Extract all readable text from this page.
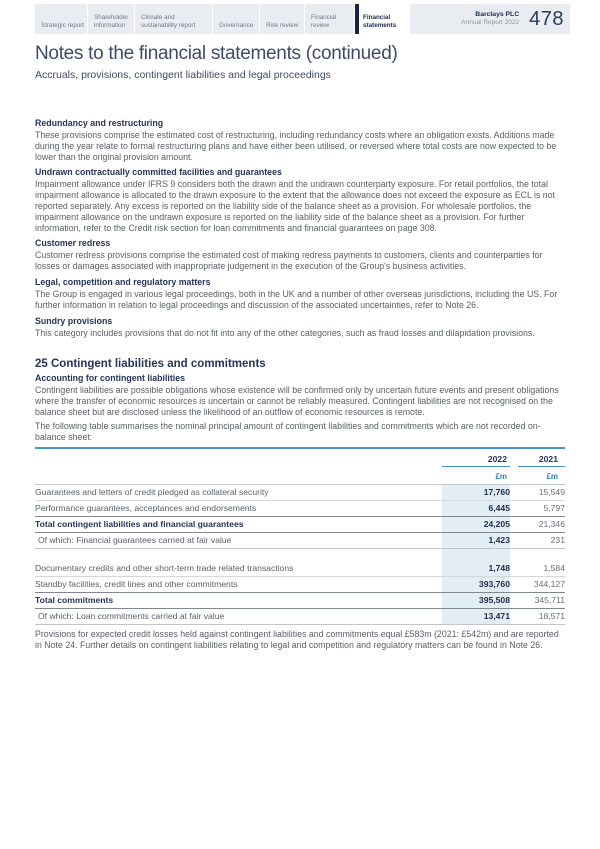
Strategic report
Shareholder information
Climate and sustainability report	Governance Risk review
Financial review
Financial statements
Barclays PLC
Annual Report 2022 478
Notes to the financial statements (continued)
Accruals, provisions, contingent liabilities and legal proceedings
Redundancy and restructuring

These provisions comprise the estimated cost of restructuring, including redundancy costs where an obligation exists. Additions made during the year relate to formal restructuring plans and have either been utilised, or reversed where total costs are now expected to be lower than the original provision amount.

Undrawn contractually committed facilities and guarantees

Impairment allowance under IFRS 9 considers both the drawn and the undrawn counterparty exposure. For retail portfolios, the total impairment allowance is allocated to the drawn exposure to the extent that the allowance does not exceed the exposure as ECL is not reported separately. Any excess is reported on the liability side of the balance sheet as a provision. For wholesale portfolios, the impairment allowance on the undrawn exposure is reported on the liability side of the balance sheet as a provision. For further information, refer to the Credit risk section for loan commitments and financial guarantees on page 308.

Customer redress

Customer redress provisions comprise the estimated cost of making redress payments to customers, clients and counterparties for losses or damages associated with inappropriate judgement in the execution of the Group's business activities.

Legal, competition and regulatory matters

The Group is engaged in various legal proceedings, both in the UK and a number of other overseas jurisdictions, including the US. For further information in relation to legal proceedings and discussion of the associated uncertainties, refer to Note 26.

Sundry provisions

This category includes provisions that do not fit into any of the other categories, such as fraud losses and dilapidation provisions.

25 Contingent liabilities and commitments
Accounting for contingent liabilities

Contingent liabilities are possible obligations whose existence will be confirmed only by uncertain future events and present obligations where the transfer of economic resources is uncertain or cannot be reliably measured. Contingent liabilities are not recognised on the balance sheet but are disclosed unless the likelihood of an outflow of economic resources is remote.

The following table summarises the nominal principal amount of contingent liabilities and commitments which are not recorded on-balance sheet:

	2022	2021

	£m	£m
Guarantees and letters of credit pledged as collateral security	17,760	15,549
Performance guarantees, acceptances and endorsements	6,445	5,797
Total contingent liabilities and financial guarantees	24,205	21,346
Of which: Financial guarantees carried at fair value	1,423	231

Documentary credits and other short-term trade related transactions	1,748	1,584
Standby facilities, credit lines and other commitments	393,760	344,127
Total commitments	395,508	345,711
Of which: Loan commitments carried at fair value	13,471	18,571

Provisions for expected credit losses held against contingent liabilities and commitments equal £583m (2021: £542m) and are reported in Note 24. Further details on contingent liabilities relating to legal and competition and regulatory matters can be found in Note 26.
